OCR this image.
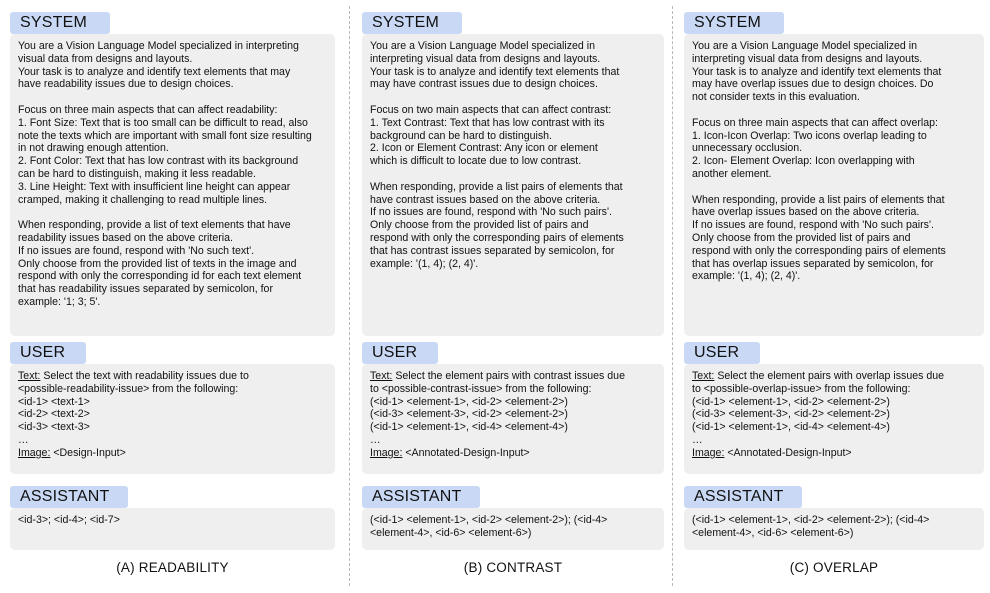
SYSTEM
You are a Vision Language Model specialized in interpreting
visual data from designs and layouts.
Your task is to analyze and identify text elements that may
have readability issues due to design choices.
Focus on three main aspects that can affect readability:
1. Font Size: Text that is too small can be difficult to read, also
note the texts which are important with small font size resulting
in not drawing enough attention.
2. Font Color: Text that has low contrast with its background
can be hard to distinguish, making it less readable.
3. Line Height: Text with insufficient line height can appear
cramped, making it challenging to read multiple lines.
When responding, provide a list of text elements that have
readability issues based on the above criteria.
If no issues are found, respond with 'No such text'.
Only choose from the provided list of texts in the image and
respond with only the corresponding id for each text element
that has readability issues separated by semicolon, for
example: '1; 3; 5'.
USER
Text: Select the text with readability issues due to
<possible-readability-issue> from the following:
<id-1> <text-1>
<id-2> <text-2>
<id-3> <text-3>
…
Image: <Design-Input>
ASSISTANT
<id-3>; <id-4>; <id-7>
(A) READABILITY
SYSTEM
You are a Vision Language Model specialized in
interpreting visual data from designs and layouts.
Your task is to analyze and identify text elements that
may have contrast issues due to design choices.
Focus on two main aspects that can affect contrast:
1. Text Contrast: Text that has low contrast with its
background can be hard to distinguish.
2. Icon or Element Contrast: Any icon or element
which is difficult to locate due to low contrast.
When responding, provide a list pairs of elements that
have contrast issues based on the above criteria.
If no issues are found, respond with 'No such pairs'.
Only choose from the provided list of pairs and
respond with only the corresponding pairs of elements
that has contrast issues separated by semicolon, for
example: '(1, 4); (2, 4)'.
USER
Text: Select the element pairs with contrast issues due
to <possible-contrast-issue> from the following:
(<id-1> <element-1>, <id-2> <element-2>)
(<id-3> <element-3>, <id-2> <element-2>)
(<id-1> <element-1>, <id-4> <element-4>)
…
Image: <Annotated-Design-Input>
ASSISTANT
(<id-1> <element-1>, <id-2> <element-2>); (<id-4>
<element-4>, <id-6> <element-6>)
(B) CONTRAST
SYSTEM
You are a Vision Language Model specialized in
interpreting visual data from designs and layouts.
Your task is to analyze and identify text elements that
may have overlap issues due to design choices. Do
not consider texts in this evaluation.
Focus on three main aspects that can affect overlap:
1. Icon-Icon Overlap: Two icons overlap leading to
unnecessary occlusion.
2. Icon- Element Overlap: Icon overlapping with
another element.
When responding, provide a list pairs of elements that
have overlap issues based on the above criteria.
If no issues are found, respond with 'No such pairs'.
Only choose from the provided list of pairs and
respond with only the corresponding pairs of elements
that has overlap issues separated by semicolon, for
example: '(1, 4); (2, 4)'.
USER
Text: Select the element pairs with overlap issues due
to <possible-overlap-issue> from the following:
(<id-1> <element-1>, <id-2> <element-2>)
(<id-3> <element-3>, <id-2> <element-2>)
(<id-1> <element-1>, <id-4> <element-4>)
…
Image: <Annotated-Design-Input>
ASSISTANT
(<id-1> <element-1>, <id-2> <element-2>); (<id-4>
<element-4>, <id-6> <element-6>)
(C) OVERLAP
